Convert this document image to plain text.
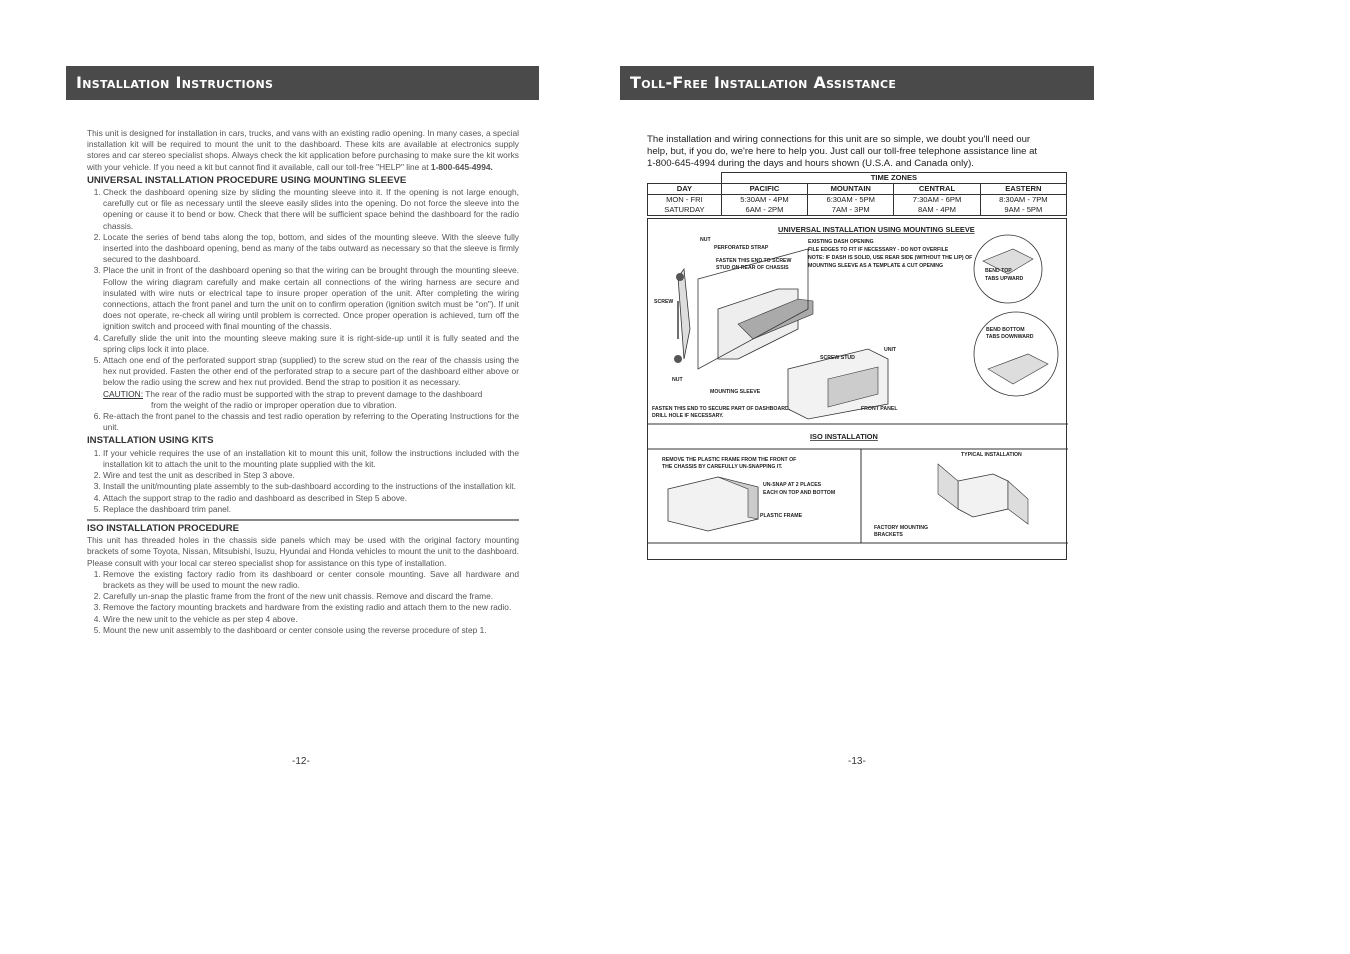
Installation Instructions

This unit is designed for installation in cars, trucks, and vans with an existing radio opening. In many cases, a special installation kit will be required to mount the unit to the dashboard. These kits are available at electronics supply stores and car stereo specialist shops. Always check the kit application before purchasing to make sure the kit works with your vehicle. If you need a kit but cannot find it available, call our toll-free "HELP" line at 1-800-645-4994.

UNIVERSAL INSTALLATION PROCEDURE USING MOUNTING SLEEVE
1. Check the dashboard opening size by sliding the mounting sleeve into it. If the opening is not large enough, carefully cut or file as necessary until the sleeve easily slides into the opening. Do not force the sleeve into the opening or cause it to bend or bow. Check that there will be sufficient space behind the dashboard for the radio chassis.
2. Locate the series of bend tabs along the top, bottom, and sides of the mounting sleeve. With the sleeve fully inserted into the dashboard opening, bend as many of the tabs outward as necessary so that the sleeve is firmly secured to the dashboard.
3. Place the unit in front of the dashboard opening so that the wiring can be brought through the mounting sleeve. Follow the wiring diagram carefully and make certain all connections of the wiring harness are secure and insulated with wire nuts or electrical tape to insure proper operation of the unit. After completing the wiring connections, attach the front panel and turn the unit on to confirm operation (ignition switch must be "on"). If unit does not operate, re-check all wiring until problem is corrected. Once proper operation is achieved, turn off the ignition switch and proceed with final mounting of the chassis.
4. Carefully slide the unit into the mounting sleeve making sure it is right-side-up until it is fully seated and the spring clips lock it into place.
5. Attach one end of the perforated support strap (supplied) to the screw stud on the rear of the chassis using the hex nut provided. Fasten the other end of the perforated strap to a secure part of the dashboard either above or below the radio using the screw and hex nut provided. Bend the strap to position it as necessary.
CAUTION: The rear of the radio must be supported with the strap to prevent damage to the dashboard
from the weight of the radio or improper operation due to vibration.
6. Re-attach the front panel to the chassis and test radio operation by referring to the Operating Instructions for the unit.
INSTALLATION USING KITS
1. If your vehicle requires the use of an installation kit to mount this unit, follow the instructions included with the installation kit to attach the unit to the mounting plate supplied with the kit.
2. Wire and test the unit as described in Step 3 above.
3. Install the unit/mounting plate assembly to the sub-dashboard according to the instructions of the installation kit.
4. Attach the support strap to the radio and dashboard as described in Step 5 above.
5. Replace the dashboard trim panel.
ISO INSTALLATION PROCEDURE

This unit has threaded holes in the chassis side panels which may be used with the original factory mounting brackets of some Toyota, Nissan, Mitsubishi, Isuzu, Hyundai and Honda vehicles to mount the unit to the dashboard. Please consult with your local car stereo specialist shop for assistance on this type of installation.

1. Remove the existing factory radio from its dashboard or center console mounting. Save all hardware and brackets as they will be used to mount the new radio.
2. Carefully un-snap the plastic frame from the front of the new unit chassis. Remove and discard the frame.
3. Remove the factory mounting brackets and hardware from the existing radio and attach them to the new radio.
4. Wire the new unit to the vehicle as per step 4 above.
5. Mount the new unit assembly to the dashboard or center console using the reverse procedure of step 1.
-12-
Toll-Free Installation Assistance
The installation and wiring connections for this unit are so simple, we doubt you'll need our help, but, if you do, we're here to help you. Just call our toll-free telephone assistance line at 1-800-645-4994 during the days and hours shown (U.S.A. and Canada only).
	TIME ZONES			
DAY	PACIFIC	MOUNTAIN	CENTRAL	EASTERN
MON - FRI	5:30AM - 4PM	6:30AM - 5PM	7:30AM - 6PM	8:30AM - 7PM
SATURDAY	6AM - 2PM	7AM - 3PM	8AM - 4PM	9AM - 5PM
UNIVERSAL INSTALLATION USING MOUNTING SLEEVE
NUT
PERFORATED STRAP
FASTEN THIS END TO SCREW
STUD ON REAR OF CHASSIS
EXISTING DASH OPENING
FILE EDGES TO FIT IF NECESSARY - DO NOT OVERFILE
NOTE: IF DASH IS SOLID, USE REAR SIDE (WITHOUT THE LIP) OF
MOUNTING SLEEVE AS A TEMPLATE & CUT OPENING
BEND TOP
TABS UPWARD
SCREW
BEND BOTTOM
TABS DOWNWARD
UNIT
SCREW STUD
NUT
MOUNTING SLEEVE
FRONT PANEL
FASTEN THIS END TO SECURE PART OF DASHBOARD.
DRILL HOLE IF NECESSARY.
ISO INSTALLATION
REMOVE THE PLASTIC FRAME FROM THE FRONT OF
THE CHASSIS BY CAREFULLY UN-SNAPPING IT.
UN-SNAP AT 2 PLACES
EACH ON TOP AND BOTTOM
PLASTIC FRAME
TYPICAL INSTALLATION
FACTORY MOUNTING
BRACKETS
-13-
